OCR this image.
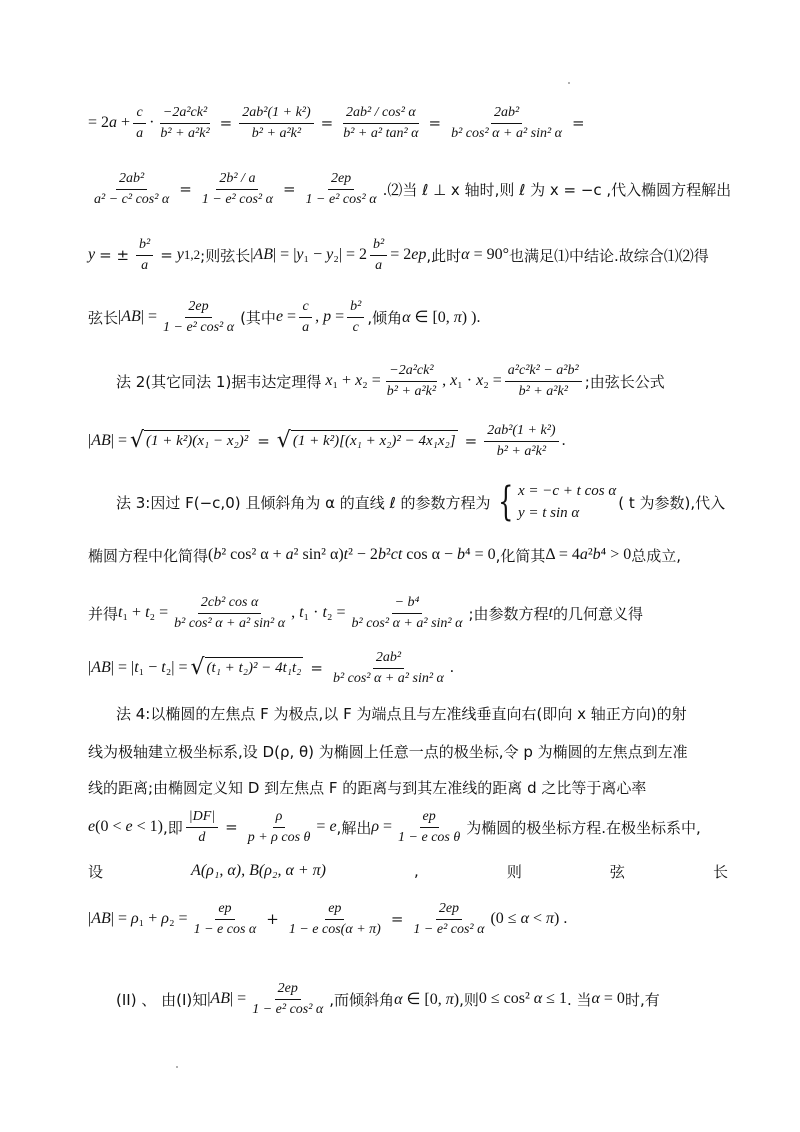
= $2a + \frac{c}{a} \cdot \frac{\text{−2a²ck²}}{\text{b² + a²k²}} = \frac{\text{2ab²(1 + k²)}}{\text{b² + a²k²}} = \frac{\text{2ab² / cos² α}}{\text{b² + a² tan² α}} = \frac{\text{2ab²}}{\text{b² cos² α + a² sin² α}}$ =
$\frac{\text{2ab²}}{\text{a² − c² cos² α}} = \frac{\text{2b² / a}}{\text{1 − e² cos² α}} = \frac{2ep}{\text{1 − e² cos² α}}$ .⑵当 ℓ ⊥ x 轴时,则 ℓ 为 x = −c ,代入椭圆方程解出
y = ± $\frac{\text{b²}}{a} = y$ 1,2 ;则弦长 $|AB| = |y_1 - y_2| = 2 \frac{\text{b²}}{a} = 2ep$ ,此时 α = 90° 也满足⑴中结论.故综合⑴⑵得
弦长 $|AB| = \frac{2ep}{\text{1 − e² cos² α}}$ (其中 $e = \frac{c}{a}$ , $p = \frac{\text{b²}}{c}$ ,倾角 α ∈ [0, π) ).
法 2(其它同法 1)据韦达定理得 $x_1 + x_2 = \frac{\text{−2a²ck²}}{\text{b² + a²k²}}$ , $x_1 \cdot x_2 = \frac{\text{a²c²k² − a²b²}}{\text{b² + a²k²}}$ ;由弦长公式
|AB| = √ (1 + k²)(x₁ − x₂)² = √ $(1 + k^2)[(x_1 + x_2)^2 - 4x_1x_2] = \frac{\text{2ab²(1 + k²)}}{\text{b² + a²k²}}$ .
法 3:因过 F(−c,0) 且倾斜角为 α 的直线 ℓ 的参数方程为 { x = −c + t cos α
y = t sin α
( t 为参数),代入
椭圆方程中化简得 (b² cos² α + a² sin² α)t² − 2b²ct cos α − b⁴ = 0 ,化简其 Δ = 4a²b⁴ > 0 总成立,
并得 $t_1 + t_2 = \frac{\text{2cb² cos α}}{\text{b² cos² α + a² sin² α}}$ , $t_1 \cdot t_2 = \frac{\text{− b⁴}}{\text{b² cos² α + a² sin² α}}$ ;由参数方程 t 的几何意义得
|AB| = |t₁ − t₂| = √ $(t_1 + t_2)^2 - 4t_1t_2 = \frac{\text{2ab²}}{\text{b² cos² α + a² sin² α}}$ .
法 4:以椭圆的左焦点 F 为极点,以 F 为端点且与左准线垂直向右(即向 x 轴正方向)的射
线为极轴建立极坐标系,设 D(ρ, θ) 为椭圆上任意一点的极坐标,令 p 为椭圆的左焦点到左准
线的距离;由椭圆定义知 D 到左焦点 F 的距离与到其左准线的距离 d 之比等于离心率
e(0 < e < 1) ,即 $\frac{|DF|}{d} = \frac{\rho}{\text{p + ρ cos θ}} = e$ ,解出 $\rho = \frac{ep}{\text{1 − e cos θ}}$ 为椭圆的极坐标方程.在极坐标系中,
设	A(ρ₁, α), B(ρ₂, α + π)	,	则	弦	长
$|AB| = \rho_1 + \rho_2 = \frac{ep}{\text{1 − e cos α}} + \frac{ep}{\text{1 − e cos(α + π)}} = \frac{2ep}{\text{1 − e² cos² α}} (0 \le \alpha < \pi)$ .
(II) 、 由(I)知 $|AB| = \frac{2ep}{\text{1 − e² cos² α}}$ ,而倾斜角 α ∈ [0, π) ,则 0 ≤ cos² α ≤ 1 . 当 α = 0 时,有
